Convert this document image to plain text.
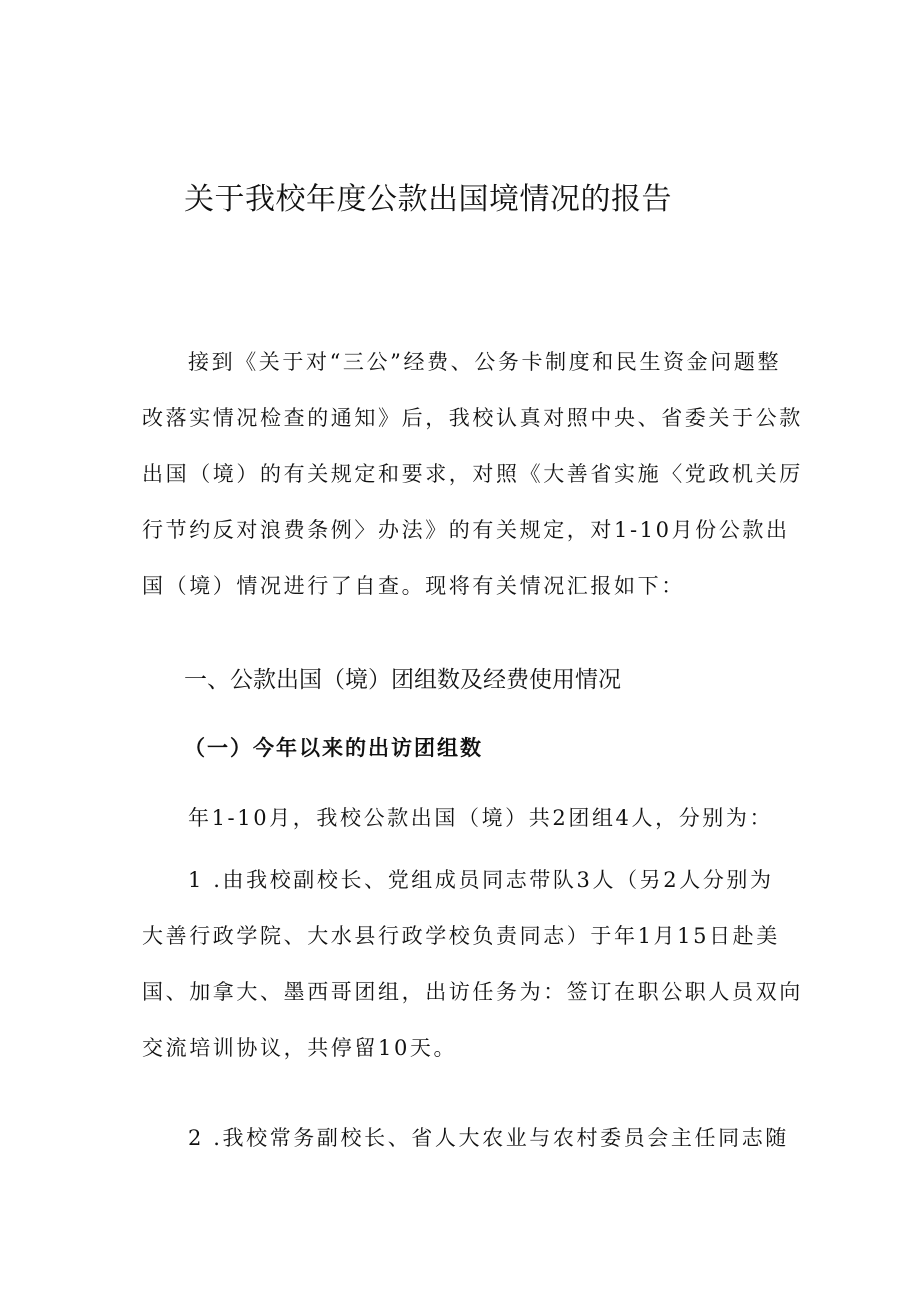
关于我校年度公款出国境情况的报告
接到《关于对“三公”经费、公务卡制度和民生资金问题整
改落实情况检查的通知》后，我校认真对照中央、省委关于公款
出国（境）的有关规定和要求，对照《大善省实施〈党政机关厉
行节约反对浪费条例〉办法》的有关规定，对1-10月份公款出
国（境）情况进行了自查。现将有关情况汇报如下：
一、公款出国（境）团组数及经费使用情况
（一）今年以来的出访团组数
年1-10月，我校公款出国（境）共2团组4人，分别为：
1 .由我校副校长、党组成员同志带队3人（另2人分别为
大善行政学院、大水县行政学校负责同志）于年1月15日赴美
国、加拿大、墨西哥团组，出访任务为：签订在职公职人员双向
交流培训协议，共停留10天。
2 .我校常务副校长、省人大农业与农村委员会主任同志随
